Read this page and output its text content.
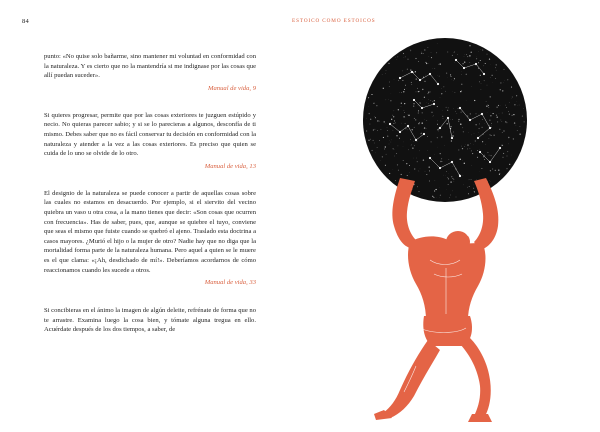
84	ESTOICO COMO ESTOICOS

punto: «No quise solo bañarme, sino mantener mi voluntad en conformidad con la naturaleza. Y es cierto que no la mantendría si me indignase por las cosas que allí puedan suceder».

Manual de vida, 9

Si quieres progresar, permite que por las cosas exteriores te juzguen estúpido y necio. No quieras parecer sabio; y si se lo parecieras a algunos, desconfía de ti mismo. Debes saber que no es fácil conservar tu decisión en conformidad con la naturaleza y atender a la vez a las cosas exteriores. Es preciso que quien se cuida de lo uno se olvide de lo otro.

Manual de vida, 13

El designio de la naturaleza se puede conocer a partir de aquellas cosas sobre las cuales no estamos en desacuerdo. Por ejemplo, si el siervito del vecino quiebra un vaso u otra cosa, a la mano tienes que decir: «Son cosas que ocurren con frecuencia». Has de saber, pues, que, aunque se quiebre el tuyo, conviene que seas el mismo que fuiste cuando se quebró el ajeno. Traslado esta doctrina a casos mayores. ¿Murió el hijo o la mujer de otro? Nadie hay que no diga que la mortalidad forma parte de la naturaleza humana. Pero aquel a quien se le muere es el que clama: «¡Ah, desdichado de mí!». Deberíamos acordarnos de cómo reaccionamos cuando les sucede a otros.

Manual de vida, 33

Si concibieras en el ánimo la imagen de algún deleite, refrénate de forma que no te arrastre. Examina luego la cosa bien, y tómate alguna tregua en ello. Acuérdate después de los dos tiempos, a saber, de
